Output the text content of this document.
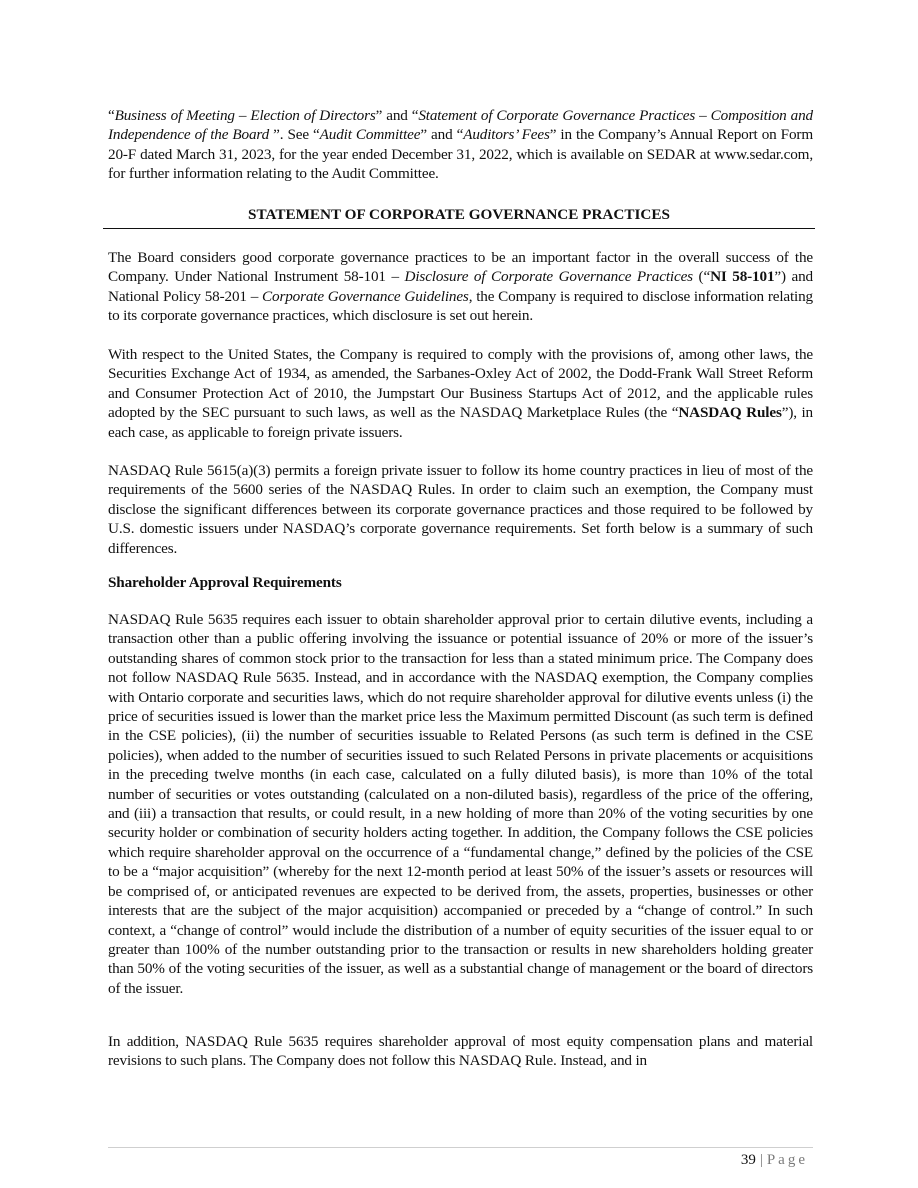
“Business of Meeting – Election of Directors” and “Statement of Corporate Governance Practices – Composition and Independence of the Board ”. See “Audit Committee” and “Auditors’ Fees” in the Company’s Annual Report on Form 20-F dated March 31, 2023, for the year ended December 31, 2022, which is available on SEDAR at www.sedar.com, for further information relating to the Audit Committee.
STATEMENT OF CORPORATE GOVERNANCE PRACTICES
The Board considers good corporate governance practices to be an important factor in the overall success of the Company. Under National Instrument 58-101 – Disclosure of Corporate Governance Practices (“NI 58-101”) and National Policy 58-201 – Corporate Governance Guidelines, the Company is required to disclose information relating to its corporate governance practices, which disclosure is set out herein.
With respect to the United States, the Company is required to comply with the provisions of, among other laws, the Securities Exchange Act of 1934, as amended, the Sarbanes-Oxley Act of 2002, the Dodd-Frank Wall Street Reform and Consumer Protection Act of 2010, the Jumpstart Our Business Startups Act of 2012, and the applicable rules adopted by the SEC pursuant to such laws, as well as the NASDAQ Marketplace Rules (the “NASDAQ Rules”), in each case, as applicable to foreign private issuers.
NASDAQ Rule 5615(a)(3) permits a foreign private issuer to follow its home country practices in lieu of most of the requirements of the 5600 series of the NASDAQ Rules. In order to claim such an exemption, the Company must disclose the significant differences between its corporate governance practices and those required to be followed by U.S. domestic issuers under NASDAQ’s corporate governance requirements. Set forth below is a summary of such differences.
Shareholder Approval Requirements
NASDAQ Rule 5635 requires each issuer to obtain shareholder approval prior to certain dilutive events, including a transaction other than a public offering involving the issuance or potential issuance of 20% or more of the issuer’s outstanding shares of common stock prior to the transaction for less than a stated minimum price. The Company does not follow NASDAQ Rule 5635. Instead, and in accordance with the NASDAQ exemption, the Company complies with Ontario corporate and securities laws, which do not require shareholder approval for dilutive events unless (i) the price of securities issued is lower than the market price less the Maximum permitted Discount (as such term is defined in the CSE policies), (ii) the number of securities issuable to Related Persons (as such term is defined in the CSE policies), when added to the number of securities issued to such Related Persons in private placements or acquisitions in the preceding twelve months (in each case, calculated on a fully diluted basis), is more than 10% of the total number of securities or votes outstanding (calculated on a non-diluted basis), regardless of the price of the offering, and (iii) a transaction that results, or could result, in a new holding of more than 20% of the voting securities by one security holder or combination of security holders acting together. In addition, the Company follows the CSE policies which require shareholder approval on the occurrence of a “fundamental change,” defined by the policies of the CSE to be a “major acquisition” (whereby for the next 12-month period at least 50% of the issuer’s assets or resources will be comprised of, or anticipated revenues are expected to be derived from, the assets, properties, businesses or other interests that are the subject of the major acquisition) accompanied or preceded by a “change of control.” In such context, a “change of control” would include the distribution of a number of equity securities of the issuer equal to or greater than 100% of the number outstanding prior to the transaction or results in new shareholders holding greater than 50% of the voting securities of the issuer, as well as a substantial change of management or the board of directors of the issuer.
In addition, NASDAQ Rule 5635 requires shareholder approval of most equity compensation plans and material revisions to such plans. The Company does not follow this NASDAQ Rule. Instead, and in
39 | Page
